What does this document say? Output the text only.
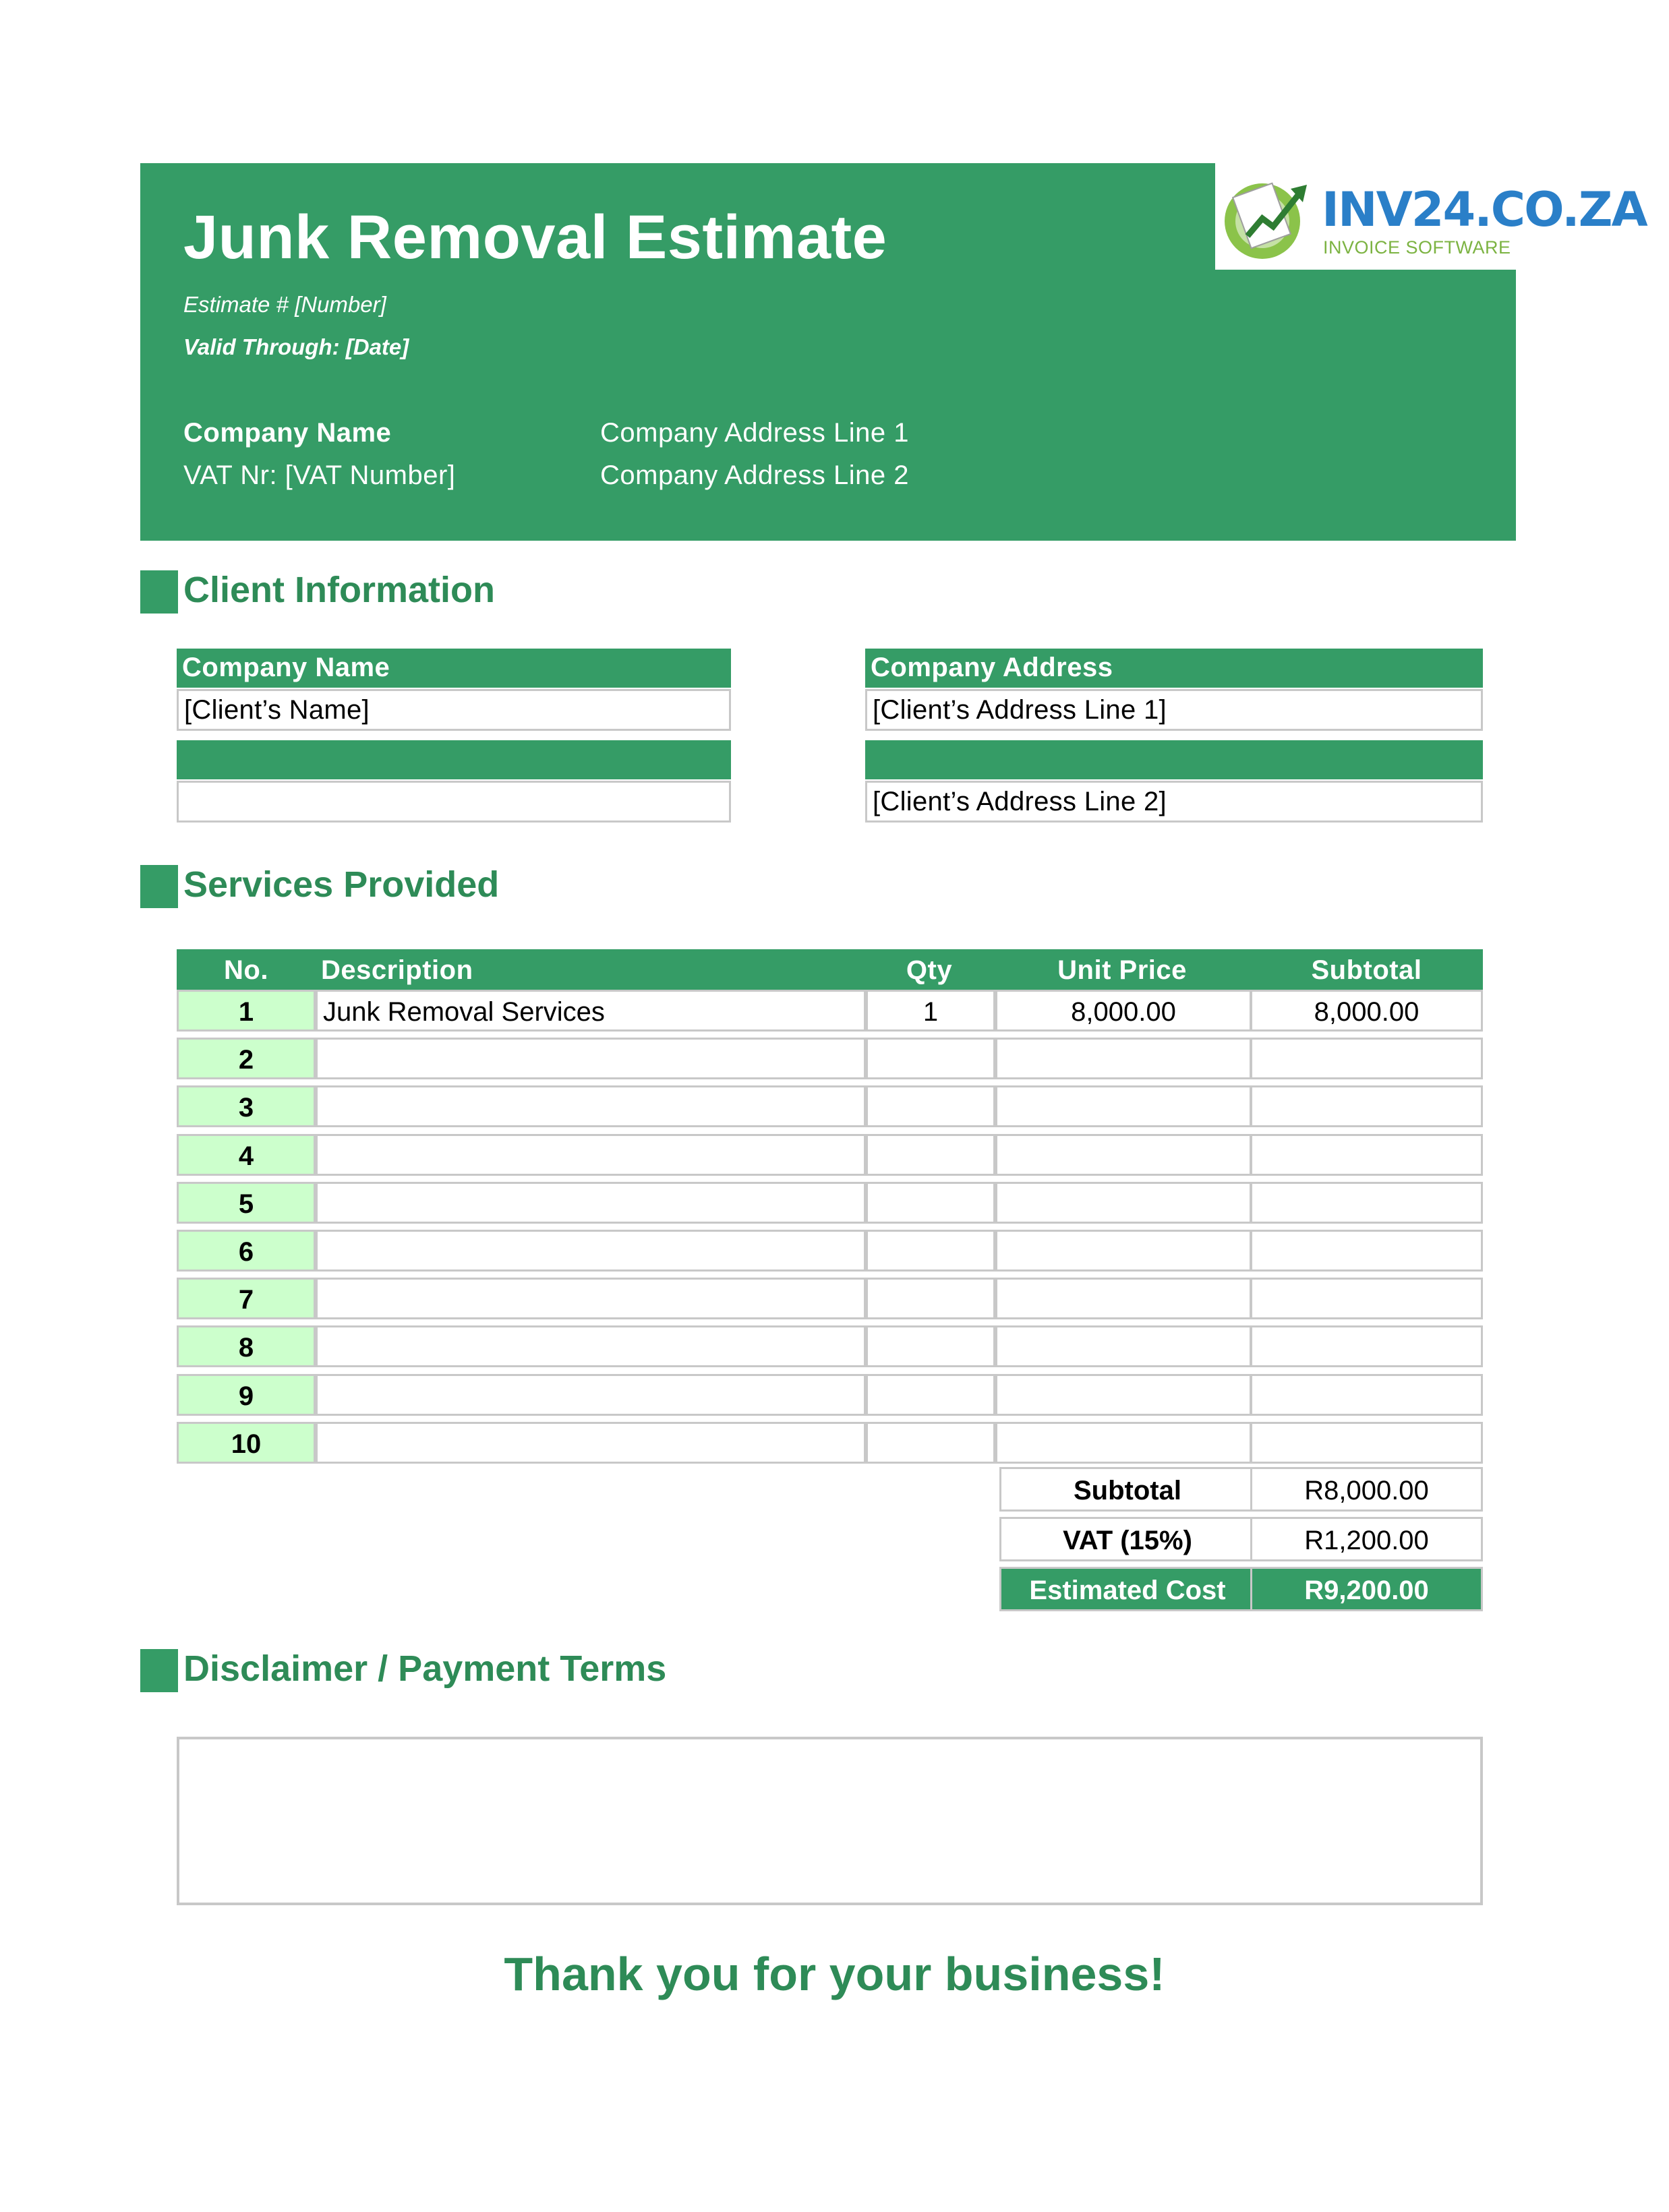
INV24.CO.ZA
INVOICE SOFTWARE
Junk Removal Estimate
Estimate # [Number]
Valid Through: [Date]
Company Name
VAT Nr: [VAT Number]
Company Address Line 1
Company Address Line 2
Client Information
Company Name
[Client’s Name]
Company Address
[Client’s Address Line 1]
[Client’s Address Line 2]
Services Provided
No.	Description	Qty	Unit Price	Subtotal
1	Junk Removal Services	1	8,000.00	8,000.00
2
3
4
5
6
7
8
9
10
Subtotal	R8,000.00
VAT (15%)	R1,200.00
Estimated Cost	R9,200.00
Disclaimer / Payment Terms
Thank you for your business!
